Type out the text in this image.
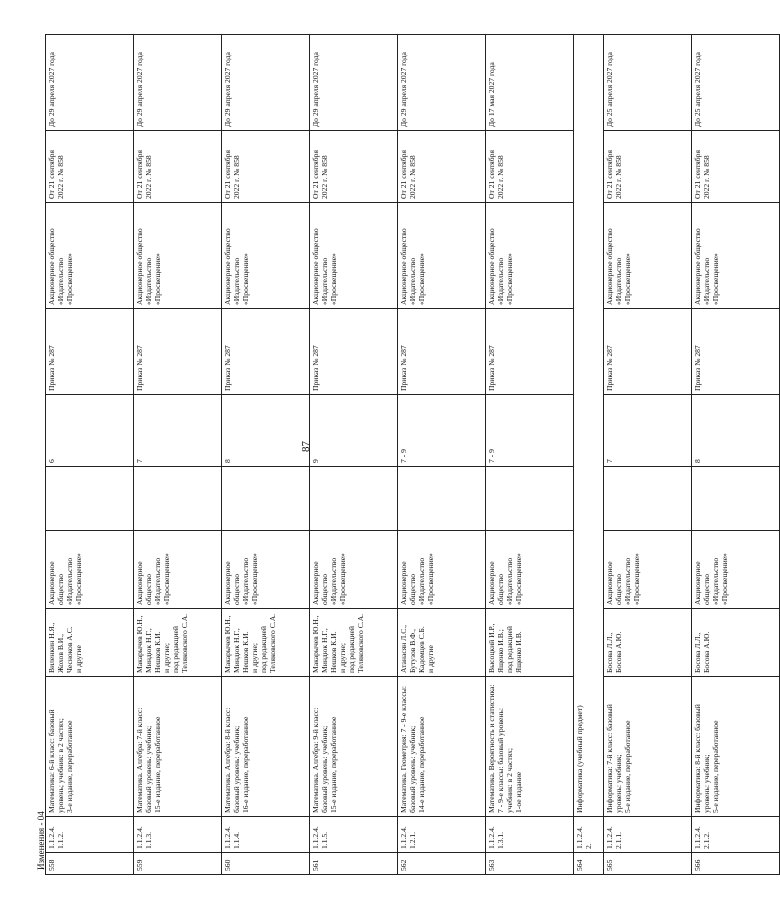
87
558	1.1.2.4.
1.1.2.	Математика: 6-й класс: базовый уровень; учебник: в 2 частях;
3-е издание, переработанное	Виленкин Н.Я.,
Жохов В.И.,
Чесноков А.С.
и другие	Акционерное общество «Издательство «Просвещение»		6	Приказ № 287	Акционерное общество «Издательство «Просвещение»	От 21 сентября 2022 г. № 858	До 29 апреля 2027 года
559	1.1.2.4.
1.1.3.	Математика. Алгебра: 7-й класс: базовый уровень: учебник;
15-е издание, переработанное	Макарычев Ю.Н.,
Миндюк Н.Г.,
Нешков К.И.
и другие;
под редакцией Теляковского С.А.	Акционерное общество «Издательство «Просвещение»		7	Приказ № 287	Акционерное общество «Издательство «Просвещение»	От 21 сентября 2022 г. № 858	До 29 апреля 2027 года
560	1.1.2.4.
1.1.4.	Математика. Алгебра: 8-й класс: базовый уровень: учебник;
16-е издание, переработанное	Макарычев Ю.Н.,
Миндюк Н.Г.,
Нешков К.И.
и другие;
под редакцией Теляковского С.А.	Акционерное общество «Издательство «Просвещение»		8	Приказ № 287	Акционерное общество «Издательство «Просвещение»	От 21 сентября 2022 г. № 858	До 29 апреля 2027 года
561	1.1.2.4.
1.1.5.	Математика. Алгебра: 9-й класс: базовый уровень: учебник;
15-е издание, переработанное	Макарычев Ю.Н.,
Миндюк Н.Г.,
Нешков К.И.
и другие;
под редакцией Теляковского С.А.	Акционерное общество «Издательство «Просвещение»		9	Приказ № 287	Акционерное общество «Издательство «Просвещение»	От 21 сентября 2022 г. № 858	До 29 апреля 2027 года
562	1.1.2.4.
1.2.1.	Математика. Геометрия: 7 - 9-е классы: базовый уровень: учебник;
14-е издание, переработанное	Атанасян Л.С.,
Бутузов В.Ф.,
Кадомцев С.Б.
и другие	Акционерное общество «Издательство «Просвещение»		7 - 9	Приказ № 287	Акционерное общество «Издательство «Просвещение»	От 21 сентября 2022 г. № 858	До 29 апреля 2027 года
563	1.1.2.4.
1.3.1.	Математика. Вероятность и статистика: 7 - 9-е классы: базовый уровень: учебник: в 2 частях;
1-ое издание	Высоцкий И.Р.,
Ященко И.В.;
под редакцией Ященко И.В.	Акционерное общество «Издательство «Просвещение»		7 - 9	Приказ № 287	Акционерное общество «Издательство «Просвещение»	От 21 сентября 2022 г. № 858	До 17 мая 2027 года
564	1.1.2.4.
2.	Информатика (учебный предмет)								
565	1.1.2.4.
2.1.1.	Информатика: 7-й класс: базовый уровень: учебник;
5-е издание, переработанное	Босова Л.Л.,
Босова А.Ю.	Акционерное общество «Издательство «Просвещение»		7	Приказ № 287	Акционерное общество «Издательство «Просвещение»	От 21 сентября 2022 г. № 858	До 25 апреля 2027 года
566	1.1.2.4.
2.1.2.	Информатика: 8-й класс: базовый уровень: учебник;
5-е издание, переработанное	Босова Л.Л.,
Босова А.Ю.	Акционерное общество «Издательство «Просвещение»		8	Приказ № 287	Акционерное общество «Издательство «Просвещение»	От 21 сентября 2022 г. № 858	До 25 апреля 2027 года
Изменения - 04
